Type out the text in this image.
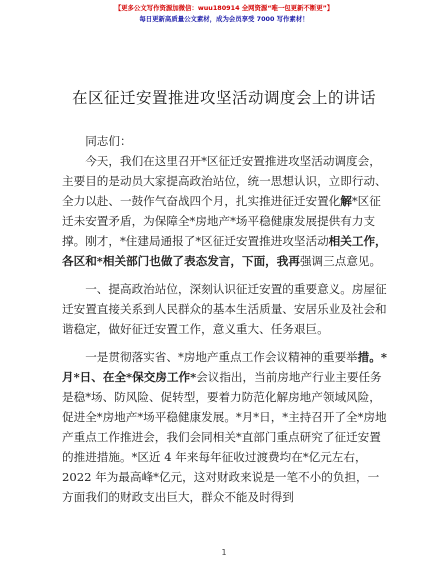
【更多公文写作资源加微信：wuu180914 全网资源“唯一包更新不断更”】
每日更新高质量公文素材，成为会员享受 7000 写作素材！
在区征迁安置推进攻坚活动调度会上的讲话

同志们：

今天，我们在这里召开*区征迁安置推进攻坚活动调度会，主要目的是动员大家提高政治站位，统一思想认识，立即行动、全力以赴、一鼓作气奋战四个月，扎实推进征迁安置化解*区征迁未安置矛盾，为保障全*房地产*场平稳健康发展提供有力支撑。刚才，*住建局通报了*区征迁安置推进攻坚活动相关工作，各区和*相关部门也做了表态发言，下面，我再强调三点意见。

一、提高政治站位，深刻认识征迁安置的重要意义。房屋征迁安置直接关系到人民群众的基本生活质量、安居乐业及社会和谐稳定，做好征迁安置工作，意义重大、任务艰巨。

一是贯彻落实省、*房地产重点工作会议精神的重要举措。*月*日、在全*保交房工作*会议指出，当前房地产行业主要任务是稳*场、防风险、促转型，要着力防范化解房地产领域风险，促进全*房地产*场平稳健康发展。*月*日，*主持召开了全*房地产重点工作推进会，我们会同相关*直部门重点研究了征迁安置的推进措施。*区近 4 年来每年征收过渡费均在*亿元左右，2022 年为最高峰*亿元，这对财政来说是一笔不小的负担，一方面我们的财政支出巨大，群众不能及时得到

1
